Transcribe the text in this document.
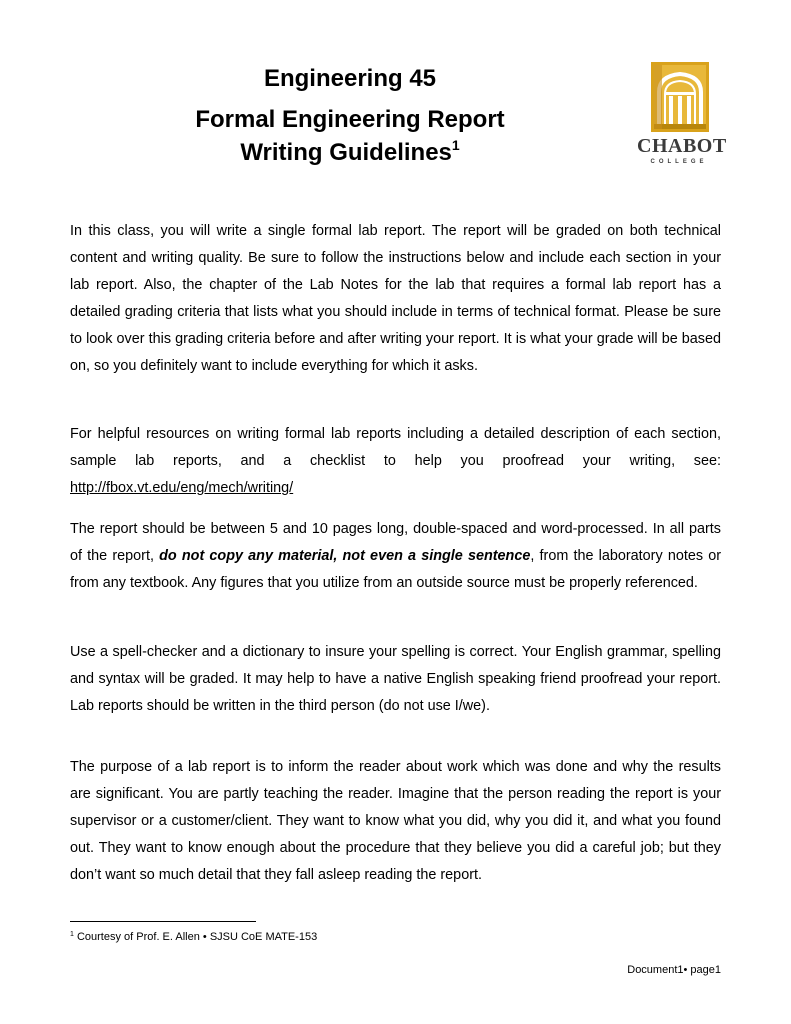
Engineering 45

Formal Engineering Report

Writing Guidelines$^1$	CHABOT
COLLEGE

In this class, you will write a single formal lab report. The report will be graded on both technical content and writing quality. Be sure to follow the instructions below and include each section in your lab report. Also, the chapter of the Lab Notes for the lab that requires a formal lab report has a detailed grading criteria that lists what you should include in terms of technical format. Please be sure to look over this grading criteria before and after writing your report. It is what your grade will be based on, so you definitely want to include everything for which it asks.

For helpful resources on writing formal lab reports including a detailed description of each section, sample lab reports, and a checklist to help you proofread your writing, see: http://fbox.vt.edu/eng/mech/writing/

The report should be between 5 and 10 pages long, double-spaced and word-processed. In all parts of the report, do not copy any material, not even a single sentence, from the laboratory notes or from any textbook. Any figures that you utilize from an outside source must be properly referenced.

Use a spell-checker and a dictionary to insure your spelling is correct. Your English grammar, spelling and syntax will be graded. It may help to have a native English speaking friend proofread your report. Lab reports should be written in the third person (do not use I/we).

The purpose of a lab report is to inform the reader about work which was done and why the results are significant. You are partly teaching the reader. Imagine that the person reading the report is your supervisor or a customer/client. They want to know what you did, why you did it, and what you found out. They want to know enough about the procedure that they believe you did a careful job; but they don’t want so much detail that they fall asleep reading the report.

$^1$ Courtesy of Prof. E. Allen • SJSU CoE MATE-153
Document1• page1
